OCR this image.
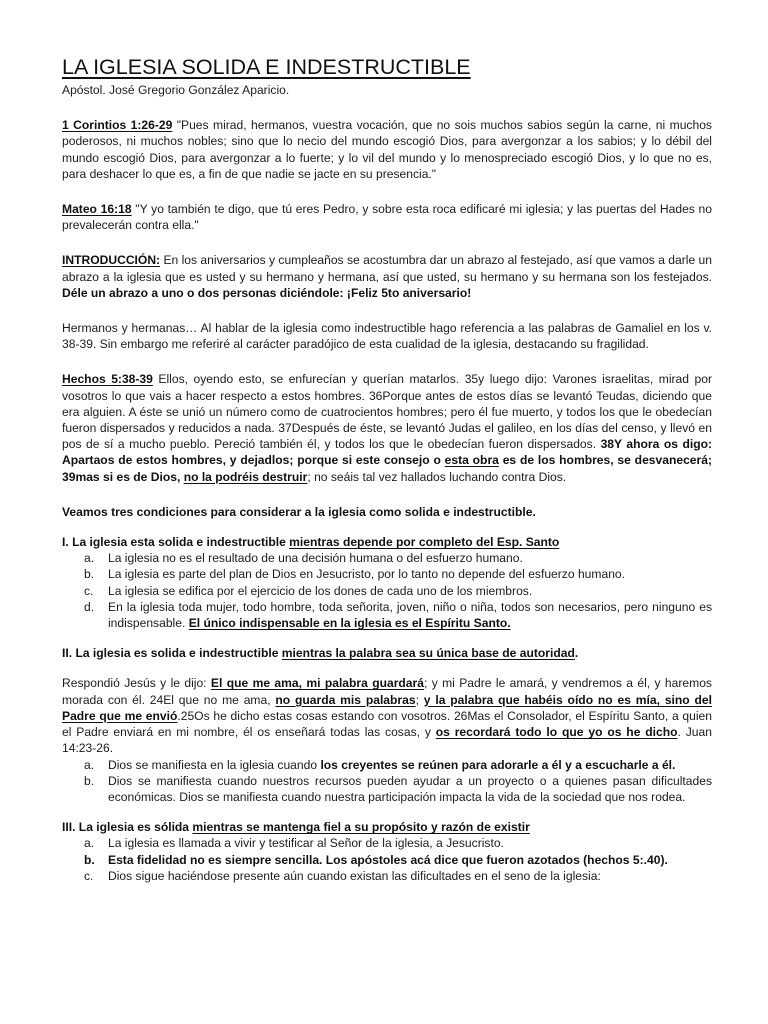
LA IGLESIA SOLIDA E INDESTRUCTIBLE

Apóstol. José Gregorio González Aparicio.

1 Corintios 1:26-29 "Pues mirad, hermanos, vuestra vocación, que no sois muchos sabios según la carne, ni muchos poderosos, ni muchos nobles; sino que lo necio del mundo escogió Dios, para avergonzar a los sabios; y lo débil del mundo escogió Dios, para avergonzar a lo fuerte; y lo vil del mundo y lo menospreciado escogió Dios, y lo que no es, para deshacer lo que es, a fin de que nadie se jacte en su presencia."

Mateo 16:18 "Y yo también te digo, que tú eres Pedro, y sobre esta roca edificaré mi iglesia; y las puertas del Hades no prevalecerán contra ella."

INTRODUCCIÓN: En los aniversarios y cumpleaños se acostumbra dar un abrazo al festejado, así que vamos a darle un abrazo a la iglesia que es usted y su hermano y hermana, así que usted, su hermano y su hermana son los festejados. Déle un abrazo a uno o dos personas diciéndole: ¡Feliz 5to aniversario!

Hermanos y hermanas… Al hablar de la iglesia como indestructible hago referencia a las palabras de Gamaliel en los v. 38-39. Sin embargo me referiré al carácter paradójico de esta cualidad de la iglesia, destacando su fragilidad.

Hechos 5:38-39 Ellos, oyendo esto, se enfurecían y querían matarlos. 35y luego dijo: Varones israelitas, mirad por vosotros lo que vais a hacer respecto a estos hombres. 36Porque antes de estos días se levantó Teudas, diciendo que era alguien. A éste se unió un número como de cuatrocientos hombres; pero él fue muerto, y todos los que le obedecían fueron dispersados y reducidos a nada. 37Después de éste, se levantó Judas el galileo, en los días del censo, y llevó en pos de sí a mucho pueblo. Pereció también él, y todos los que le obedecían fueron dispersados. 38Y ahora os digo: Apartaos de estos hombres, y dejadlos; porque si este consejo o esta obra es de los hombres, se desvanecerá; 39mas si es de Dios, no la podréis destruir; no seáis tal vez hallados luchando contra Dios.

Veamos tres condiciones para considerar a la iglesia como solida e indestructible.

I. La iglesia esta solida e indestructible mientras depende por completo del Esp. Santo

a. La iglesia no es el resultado de una decisión humana o del esfuerzo humano.
b. La iglesia es parte del plan de Dios en Jesucristo, por lo tanto no depende del esfuerzo humano.
c. La iglesia se edifica por el ejercicio de los dones de cada uno de los miembros.
d. En la iglesia toda mujer, todo hombre, toda señorita, joven, niño o niña, todos son necesarios, pero ninguno es indispensable. El único indispensable en la iglesia es el Espíritu Santo.

II. La iglesia es solida e indestructible mientras la palabra sea su única base de autoridad.

Respondió Jesús y le dijo: El que me ama, mi palabra guardará; y mi Padre le amará, y vendremos a él, y haremos morada con él. 24El que no me ama, no guarda mis palabras; y la palabra que habéis oído no es mía, sino del Padre que me envió.25Os he dicho estas cosas estando con vosotros. 26Mas el Consolador, el Espíritu Santo, a quien el Padre enviará en mi nombre, él os enseñará todas las cosas, y os recordará todo lo que yo os he dicho. Juan 14:23-26.

a. Dios se manifiesta en la iglesia cuando los creyentes se reúnen para adorarle a él y a escucharle a él.
b. Dios se manifiesta cuando nuestros recursos pueden ayudar a un proyecto o a quienes pasan dificultades económicas. Dios se manifiesta cuando nuestra participación impacta la vida de la sociedad que nos rodea.

III. La iglesia es sólida mientras se mantenga fiel a su propósito y razón de existir

a. La iglesia es llamada a vivir y testificar al Señor de la iglesia, a Jesucristo.
b. Esta fidelidad no es siempre sencilla. Los apóstoles acá dice que fueron azotados (hechos 5:.40).
c. Dios sigue haciéndose presente aún cuando existan las dificultades en el seno de la iglesia:
